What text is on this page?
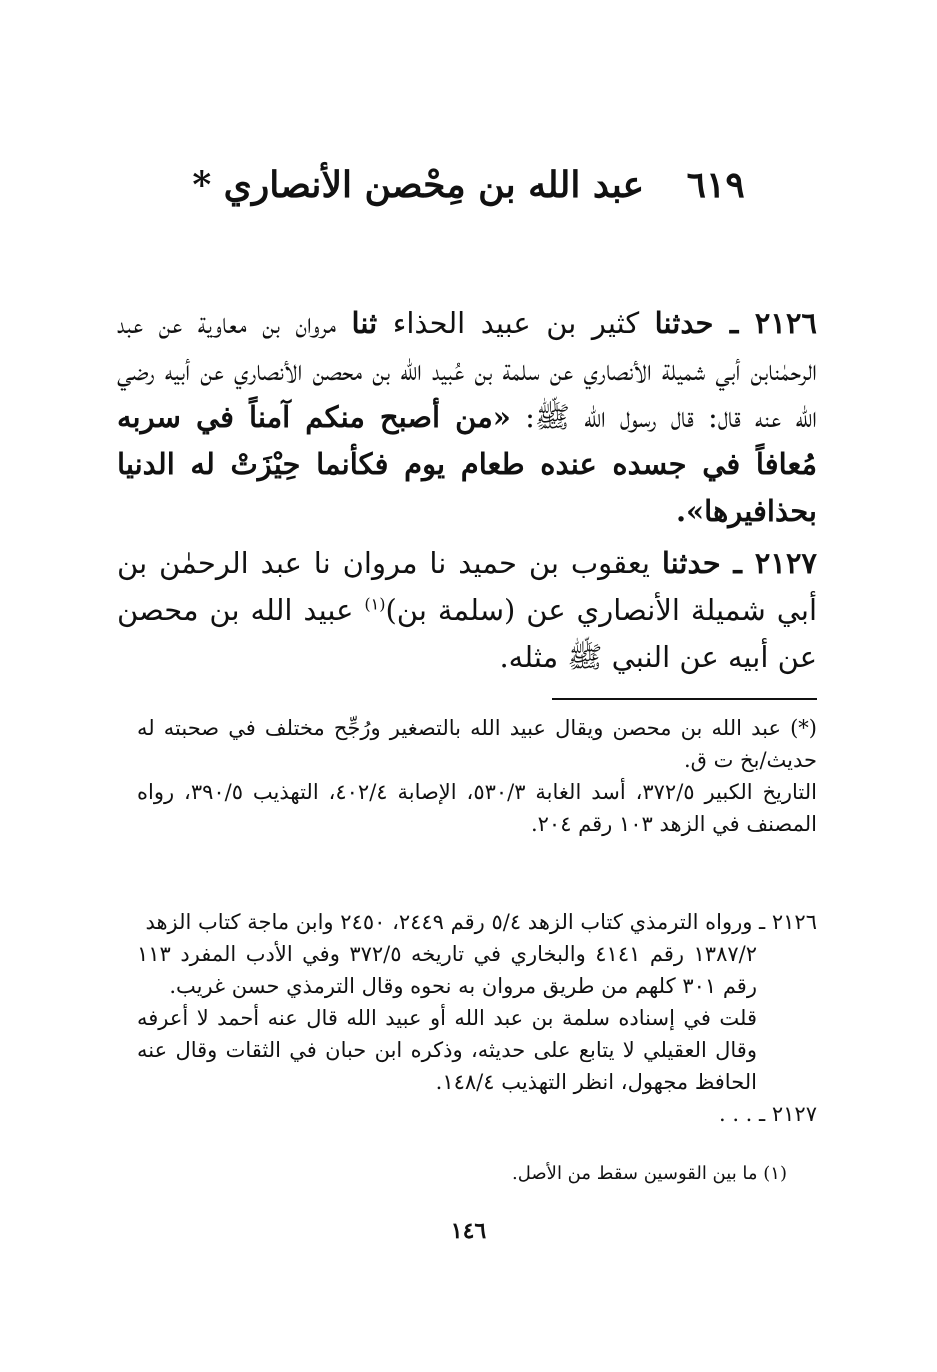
٦١٩ عبد الله بن مِحْصن الأنصاري *
٢١٢٦ ـ حدثنا كثير بن عبيد الحذاء ثنا مروان بن معاوية عن عبد الرحمٰنابن أبي شميلة الأنصاري عن سلمة بن عُبيد الله بن محصن الأنصاري عن أبيه رضي الله عنه قال: قال رسول الله ﷺ: «من أصبح منكم آمناً في سربه مُعافاً في جسده عنده طعام يوم فكأنما حِيْزَتْ له الدنيا بحذافيرها».
٢١٢٧ ـ حدثنا يعقوب بن حميد نا مروان نا عبد الرحمٰن بن أبي شميلة الأنصاري عن (سلمة بن)$^{(١)}$ عبيد الله بن محصن عن أبيه عن النبي ﷺ مثله.
(*) عبد الله بن محصن ويقال عبيد الله بالتصغير ورُجِّح مختلف في صحبته له حديث/بخ ت ق.
التاريخ الكبير ٣٧٢/٥، أسد الغابة ٥٣٠/٣، الإصابة ٤٠٢/٤، التهذيب ٣٩٠/٥، رواه المصنف في الزهد ١٠٣ رقم ٢٠٤.
٢١٢٦ ـ ورواه الترمذي كتاب الزهد ٥/٤ رقم ٢٤٤٩، ٢٤٥٠ وابن ماجة كتاب الزهد
١٣٨٧/٢ رقم ٤١٤١ والبخاري في تاريخه ٣٧٢/٥ وفي الأدب المفرد ١١٣ رقم ٣٠١ كلهم من طريق مروان به نحوه وقال الترمذي حسن غريب.
قلت في إسناده سلمة بن عبد الله أو عبيد الله قال عنه أحمد لا أعرفه وقال العقيلي لا يتابع على حديثه، وذكره ابن حبان في الثقات وقال عنه الحافظ مجهول، انظر التهذيب ١٤٨/٤.
٢١٢٧ ـ . . .
(١) ما بين القوسين سقط من الأصل.
١٤٦
